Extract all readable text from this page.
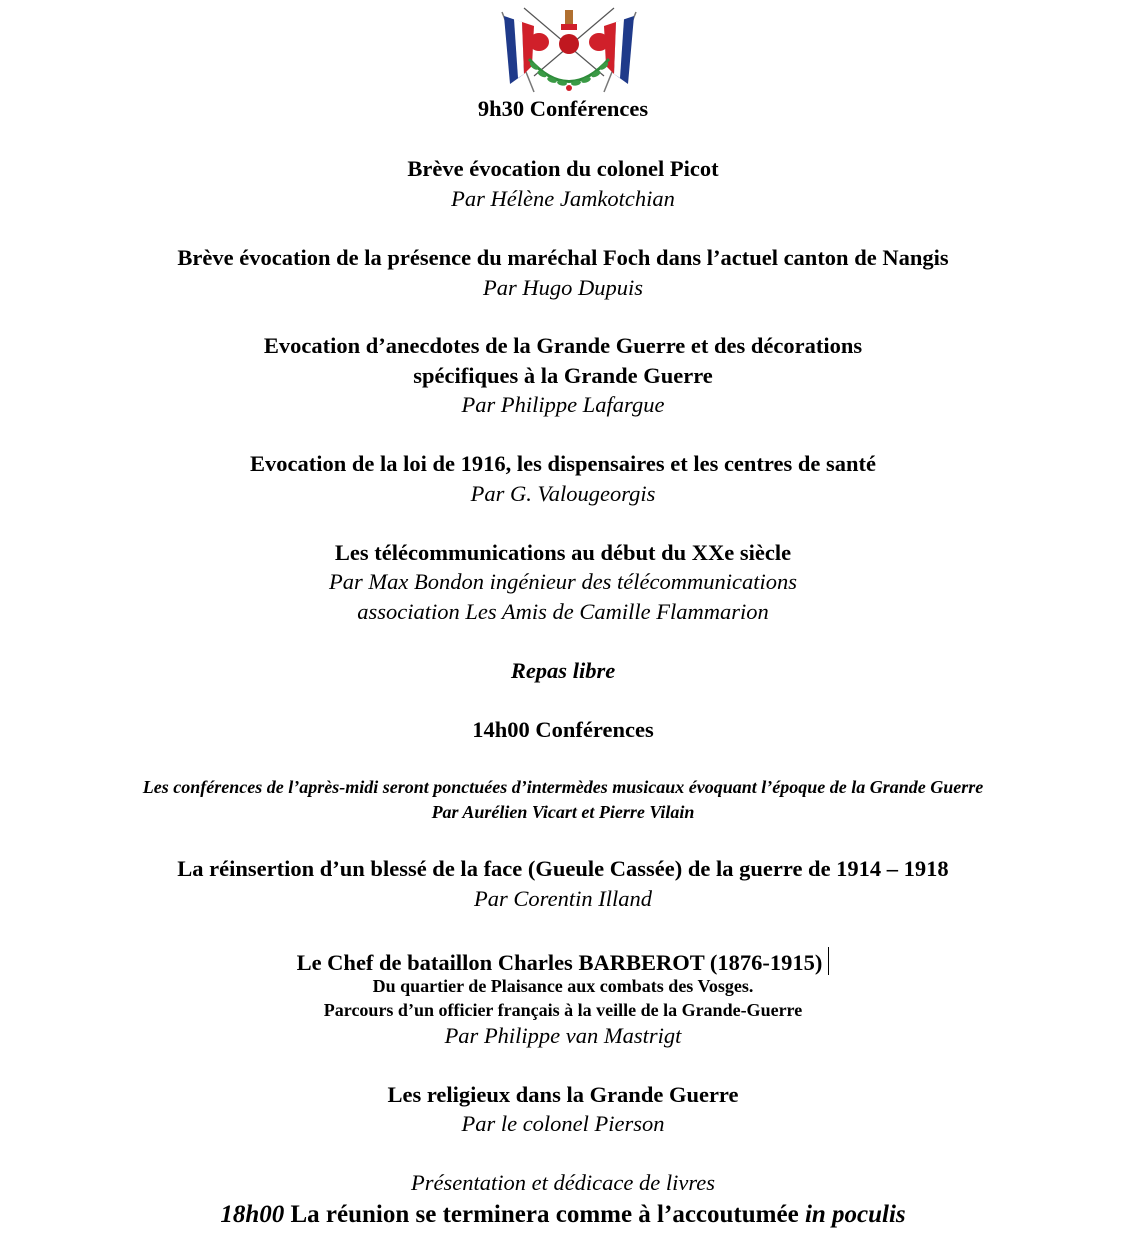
9h30 Conférences
Brève évocation du colonel Picot
Par Hélène Jamkotchian
Brève évocation de la présence du maréchal Foch dans l’actuel canton de Nangis
Par Hugo Dupuis
Evocation d’anecdotes de la Grande Guerre et des décorations
spécifiques à la Grande Guerre
Par Philippe Lafargue
Evocation de la loi de 1916, les dispensaires et les centres de santé
Par G. Valougeorgis
Les télécommunications au début du XXe siècle
Par Max Bondon ingénieur des télécommunications
association Les Amis de Camille Flammarion
Repas libre
14h00 Conférences
Les conférences de l’après-midi seront ponctuées d’intermèdes musicaux évoquant l’époque de la Grande Guerre
Par Aurélien Vicart et Pierre Vilain
La réinsertion d’un blessé de la face (Gueule Cassée) de la guerre de 1914 – 1918
Par Corentin Illand
Le Chef de bataillon Charles BARBEROT (1876-1915)
Du quartier de Plaisance aux combats des Vosges.
Parcours d’un officier français à la veille de la Grande-Guerre
Par Philippe van Mastrigt
Les religieux dans la Grande Guerre
Par le colonel Pierson
Présentation et dédicace de livres
18h00 La réunion se terminera comme à l’accoutumée in poculis
